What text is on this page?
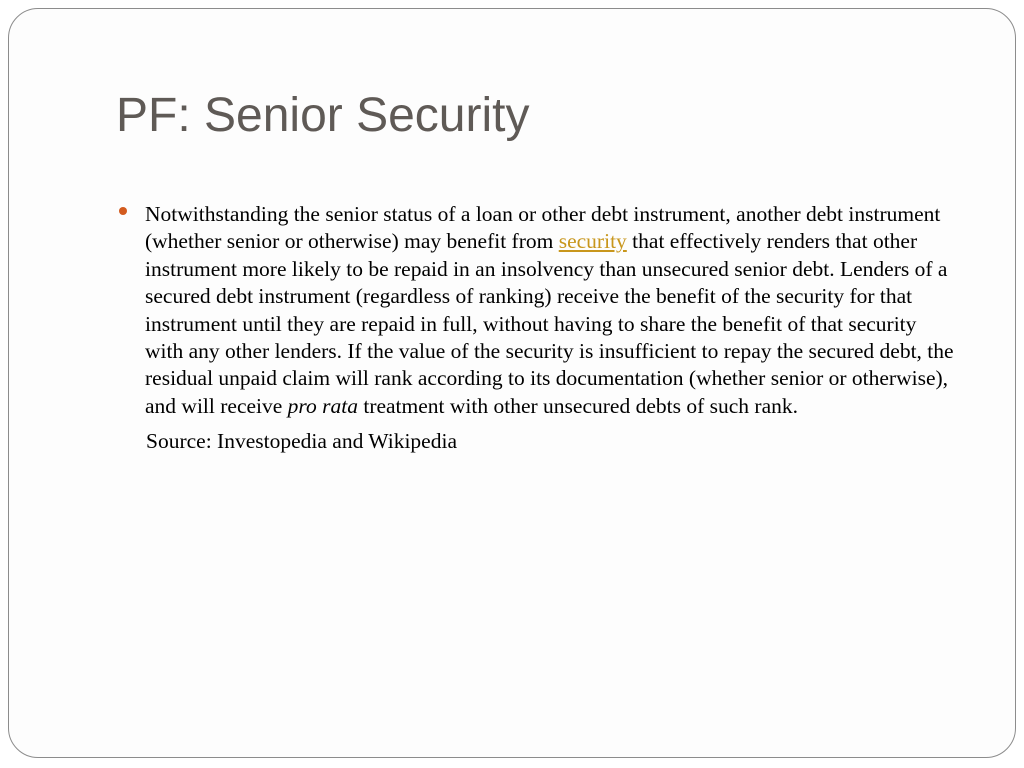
PF: Senior Security

Notwithstanding the senior status of a loan or other debt instrument, another debt instrument (whether senior or otherwise) may benefit from security that effectively renders that other instrument more likely to be repaid in an insolvency than unsecured senior debt. Lenders of a secured debt instrument (regardless of ranking) receive the benefit of the security for that instrument until they are repaid in full, without having to share the benefit of that security with any other lenders. If the value of the security is insufficient to repay the secured debt, the residual unpaid claim will rank according to its documentation (whether senior or otherwise), and will receive pro rata treatment with other unsecured debts of such rank.

Source: Investopedia and Wikipedia
